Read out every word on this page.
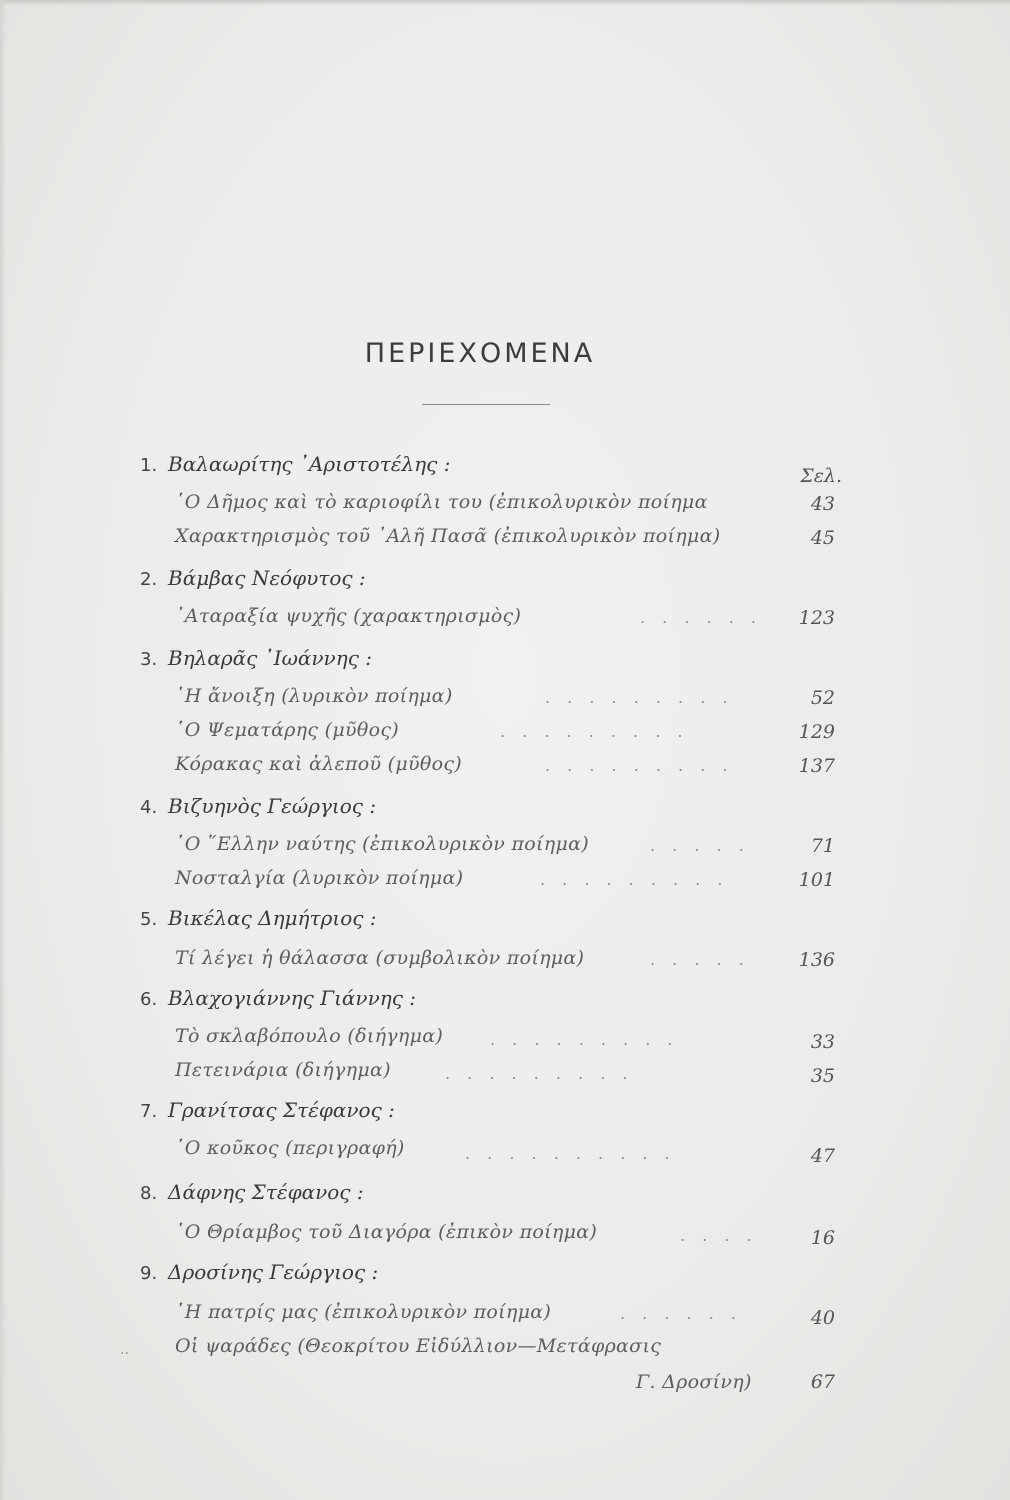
ΠΕΡΙΕΧΟΜΕΝΑ
1. Βαλαωρίτης ᾿Αριστοτέλης :	Σελ.
῾Ο Δῆμος καὶ τὸ καριοφίλι του (ἐπικολυρικὸν ποίημα	43
Χαρακτηρισμὸς τοῦ ᾿Αλῆ Πασᾶ (ἐπικολυρικὸν ποίημα)	45
2. Βάμβας Νεόφυτος :
᾿Αταραξία ψυχῆς (χαρακτηρισμὸς)	. . . . . . 123
3. Βηλαρᾶς ᾿Ιωάννης :
῾Η ἄνοιξη (λυρικὸν ποίημα)	. . . . . . . . .	52
῾Ο Ψεματάρης (μῦθος)	. . . . . . . . .	129
Κόρακας καὶ ἀλεποῦ (μῦθος)	. . . . . . . . .	137
4. Βιζυηνὸς Γεώργιος :
῾Ο ῞Ελλην ναύτης (ἐπικολυρικὸν ποίημα)	. . . . .	71
Νοσταλγία (λυρικὸν ποίημα)	. . . . . . . . .	101
5. Βικέλας Δημήτριος :
Τί λέγει ἡ θάλασσα (συμβολικὸν ποίημα)	. . . . .	136
6. Βλαχογιάννης Γιάννης :
Τὸ σκλαβόπουλο (διήγημα)	. . . . . . . . .	33
Πετεινάρια (διήγημα)	. . . . . . . . .	35
7. Γρανίτσας Στέφανος :
῾Ο κοῦκος (περιγραφή)	. . . . . . . . . .	47
8. Δάφνης Στέφανος :
῾Ο Θρίαμβος τοῦ Διαγόρα (ἐπικὸν ποίημα)	. . . .	16
9. Δροσίνης Γεώργιος :
῾Η πατρίς μας (ἐπικολυρικὸν ποίημα)	. . . . . .	40
Οἱ ψαράδες (Θεοκρίτου Εἰδύλλιον—Μετάφρασις
Γ. Δροσίνη)	67
··
